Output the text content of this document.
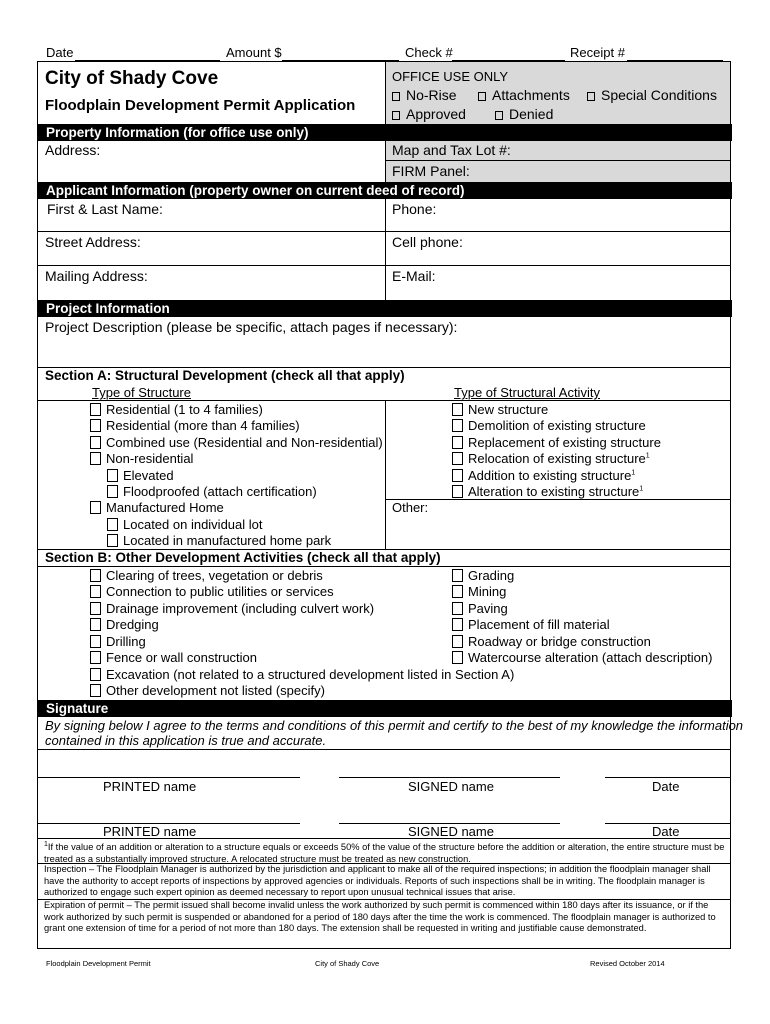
Date	Amount $	Check #	Receipt #
City of Shady Cove
Floodplain Development Permit Application
OFFICE USE ONLY
No-Rise	Attachments	Special Conditions
Approved	Denied
Property Information (for office use only)
Address:	Map and Tax Lot #:
FIRM Panel:
Applicant Information (property owner on current deed of record)
First & Last Name:	Phone:
Street Address:	Cell phone:
Mailing Address:	E-Mail:
Project Information
Project Description (please be specific, attach pages if necessary):
Section A: Structural Development (check all that apply)
Type of Structure	Type of Structural Activity
Residential (1 to 4 families)
Residential (more than 4 families)
Combined use (Residential and Non-residential)
Non-residential
Elevated
Floodproofed (attach certification)
Manufactured Home
Located on individual lot
Located in manufactured home park
New structure
Demolition of existing structure
Replacement of existing structure
Relocation of existing structure$^1$
Addition to existing structure$^1$
Alteration to existing structure$^1$
Other:
Section B: Other Development Activities (check all that apply)
Clearing of trees, vegetation or debris
Connection to public utilities or services
Drainage improvement (including culvert work)
Dredging
Drilling
Fence or wall construction
Excavation (not related to a structured development listed in Section A)
Other development not listed (specify)
Grading
Mining
Paving
Placement of fill material
Roadway or bridge construction
Watercourse alteration (attach description)
Signature
By signing below I agree to the terms and conditions of this permit and certify to the best of my knowledge the information
contained in this application is true and accurate.
PRINTED name	SIGNED name	Date
PRINTED name	SIGNED name	Date
$^1$If the value of an addition or alteration to a structure equals or exceeds 50% of the value of the structure before the addition or alteration, the entire structure must be treated as a substantially improved structure. A relocated structure must be treated as new construction.
Inspection – The Floodplain Manager is authorized by the jurisdiction and applicant to make all of the required inspections; in addition the floodplain manager shall have the authority to accept reports of inspections by approved agencies or individuals. Reports of such inspections shall be in writing. The floodplain manager is authorized to engage such expert opinion as deemed necessary to report upon unusual technical issues that arise.
Expiration of permit – The permit issued shall become invalid unless the work authorized by such permit is commenced within 180 days after its issuance, or if the work authorized by such permit is suspended or abandoned for a period of 180 days after the time the work is commenced. The floodplain manager is authorized to grant one extension of time for a period of not more than 180 days. The extension shall be requested in writing and justifiable cause demonstrated.
Floodplain Development Permit	City of Shady Cove	Revised October 2014
